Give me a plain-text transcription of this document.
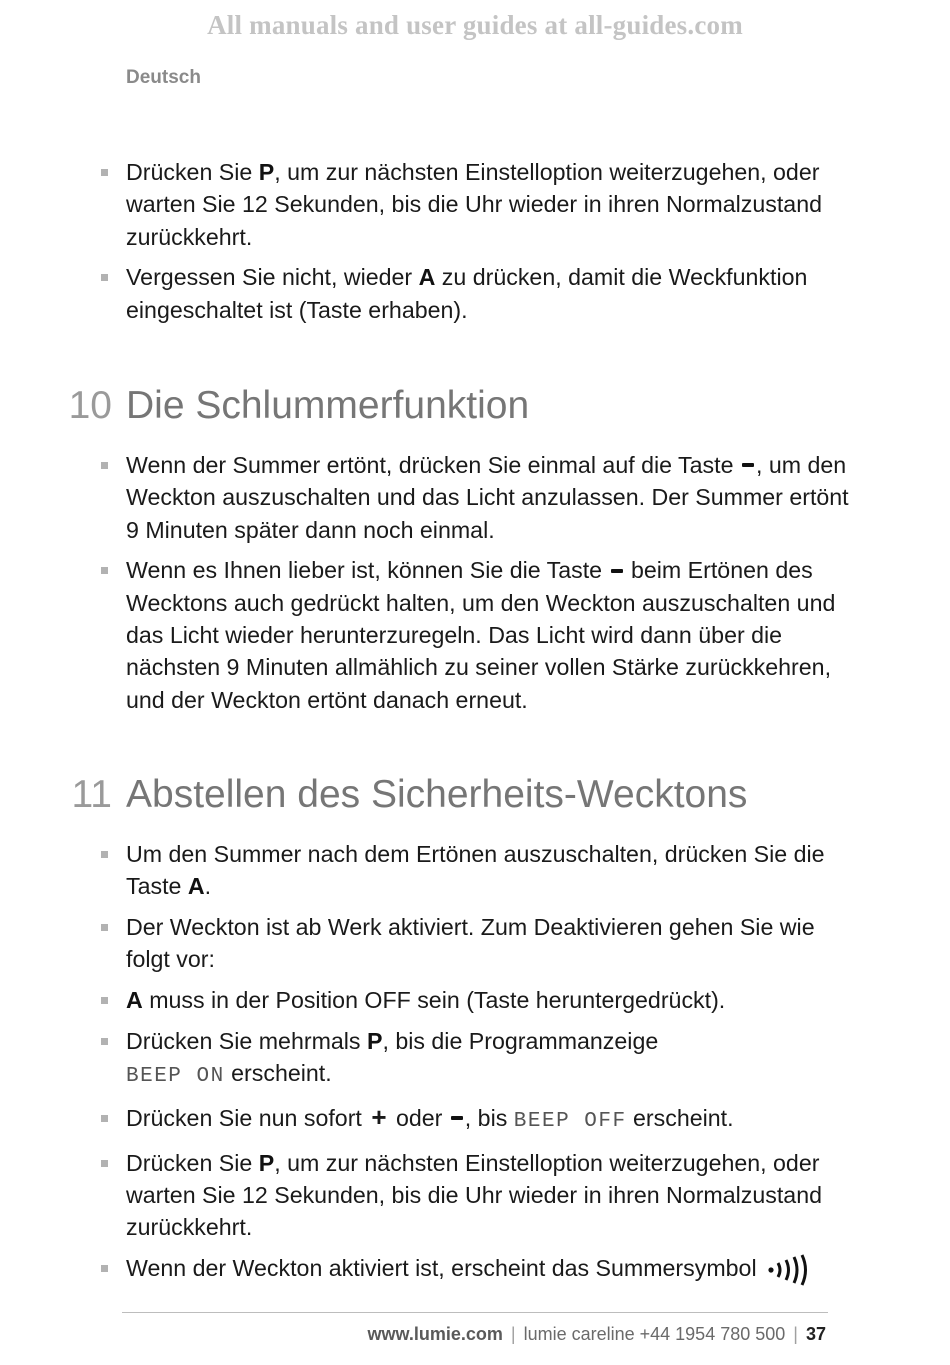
All manuals and user guides at all-guides.com
Deutsch
Drücken Sie P, um zur nächsten Einstelloption weiterzugehen, oder warten Sie 12 Sekunden, bis die Uhr wieder in ihren Normalzustand zurückkehrt.
Vergessen Sie nicht, wieder A zu drücken, damit die Weckfunktion eingeschaltet ist (Taste erhaben).
10 Die Schlummerfunktion
Wenn der Summer ertönt, drücken Sie einmal auf die Taste , um den Weckton auszuschalten und das Licht anzulassen. Der Summer ertönt 9 Minuten später dann noch einmal.
Wenn es Ihnen lieber ist, können Sie die Taste  beim Ertönen des Wecktons auch gedrückt halten, um den Weckton auszuschalten und das Licht wieder herunterzuregeln. Das Licht wird dann über die nächsten 9 Minuten allmählich zu seiner vollen Stärke zurückkehren, und der Weckton ertönt danach erneut.
11 Abstellen des Sicherheits-Wecktons
Um den Summer nach dem Ertönen auszuschalten, drücken Sie die Taste A.
Der Weckton ist ab Werk aktiviert. Zum Deaktivieren gehen Sie wie folgt vor:
A muss in der Position OFF sein (Taste heruntergedrückt).
Drücken Sie mehrmals P, bis die Programmanzeige
BEEP ON erscheint.
Drücken Sie nun sofort + oder , bis BEEP OFF erscheint.
Drücken Sie P, um zur nächsten Einstelloption weiterzugehen, oder warten Sie 12 Sekunden, bis die Uhr wieder in ihren Normalzustand zurückkehrt.
Wenn der Weckton aktiviert ist, erscheint das Summersymbol
www.lumie.com | lumie careline +44 1954 780 500 | 37
